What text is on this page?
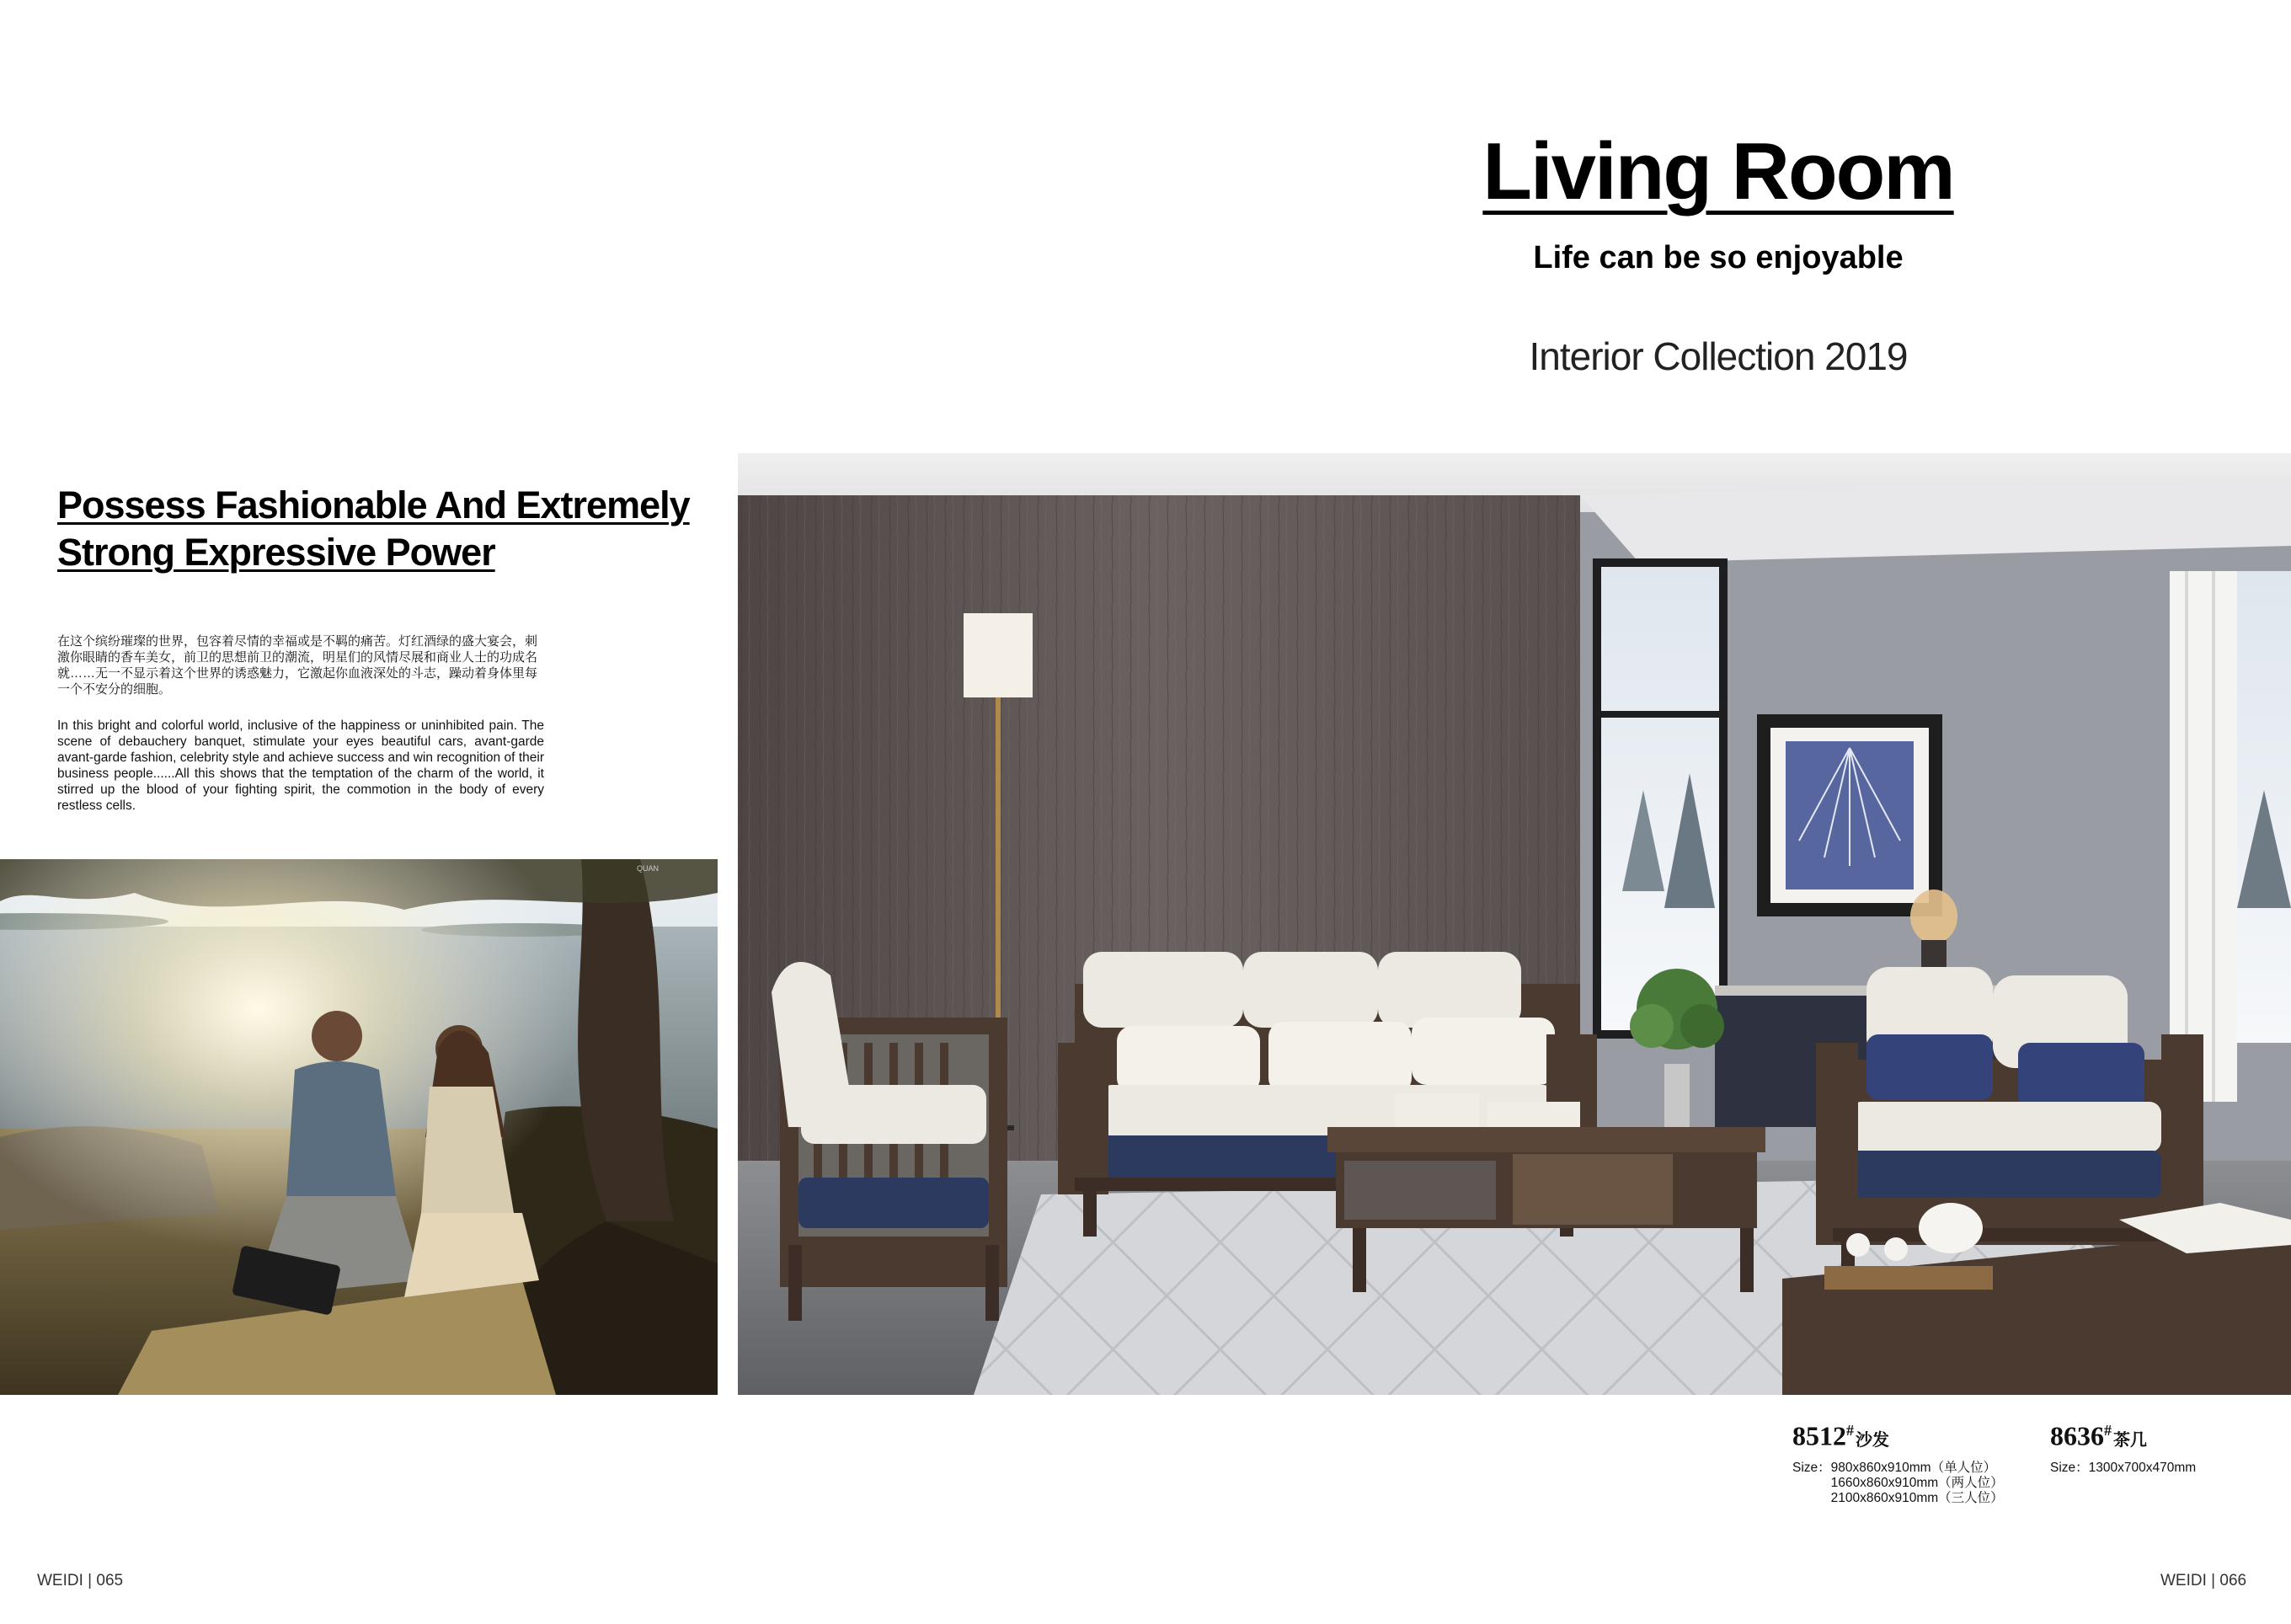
Living Room
Life can be so enjoyable
Interior Collection 2019
Possess Fashionable And Extremely
Strong Expressive Power
在这个缤纷璀璨的世界，包容着尽情的幸福或是不羁的痛苦。灯红酒绿的盛大宴会，刺激你眼睛的香车美女，前卫的思想前卫的潮流，明星们的风情尽展和商业人士的功成名就……无一不显示着这个世界的诱惑魅力，它激起你血液深处的斗志，躁动着身体里每一个不安分的细胞。
In this bright and colorful world, inclusive of the happiness or uninhibited pain. The scene of debauchery banquet, stimulate your eyes beautiful cars, avant-garde avant-garde fashion, celebrity style and achieve success and win recognition of their business people......All this shows that the temptation of the charm of the world, it stirred up the blood of your fighting spirit, the commotion in the body of every restless cells.
QUAN
8512#沙发
Size： 980x860x910mm（单人位）
1660x860x910mm（两人位）
2100x860x910mm（三人位）
8636#茶几
Size： 1300x700x470mm
WEIDI | 065	WEIDI | 066
